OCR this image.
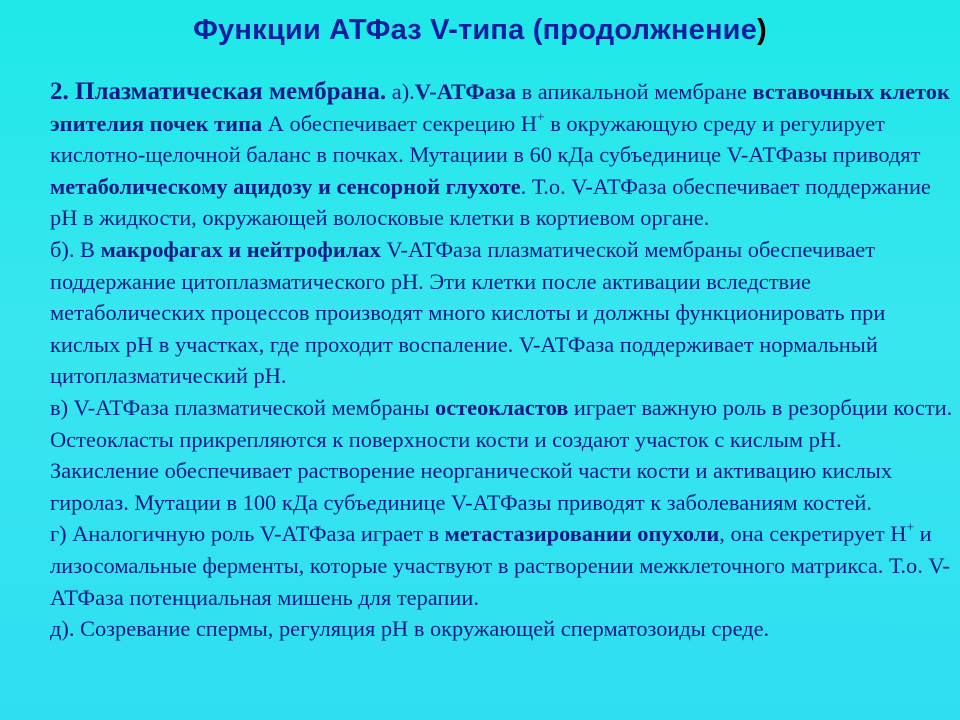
Функции АТФаз V-типа (продолжнение)

2. Плазматическая мембрана. а).V-АТФаза в апикальной мембране вставочных клеток эпителия почек типа А обеспечивает секрецию Н+ в окружающую среду и регулирует кислотно-щелочной баланс в почках. Мутациии в 60 кДа субъединице V-АТФазы приводят метаболическому ацидозу и сенсорной глухоте. Т.о. V-АТФаза обеспечивает поддержание рН в жидкости, окружающей волосковые клетки в кортиевом органе.

б). В макрофагах и нейтрофилах V-АТФаза плазматической мембраны обеспечивает поддержание цитоплазматического рН. Эти клетки после активации вследствие метаболических процессов производят много кислоты и должны функционировать при кислых рН в участках, где проходит воспаление. V-АТФаза поддерживает нормальный цитоплазматический рН.

в) V-АТФаза плазматической мембраны остеокластов играет важную роль в резорбции кости. Остеокласты прикрепляются к поверхности кости и создают участок с кислым рН. Закисление обеспечивает растворение неорганической части кости и активацию кислых гиролаз. Мутации в 100 кДа субъединице V-АТФазы приводят к заболеваниям костей.

г) Аналогичную роль V-АТФаза играет в метастазировании опухоли, она секретирует Н+ и лизосомальные ферменты, которые участвуют в растворении межклеточного матрикса. Т.о. V-АТФаза потенциальная мишень для терапии.

д). Созревание спермы, регуляция рН в окружающей сперматозоиды среде.
